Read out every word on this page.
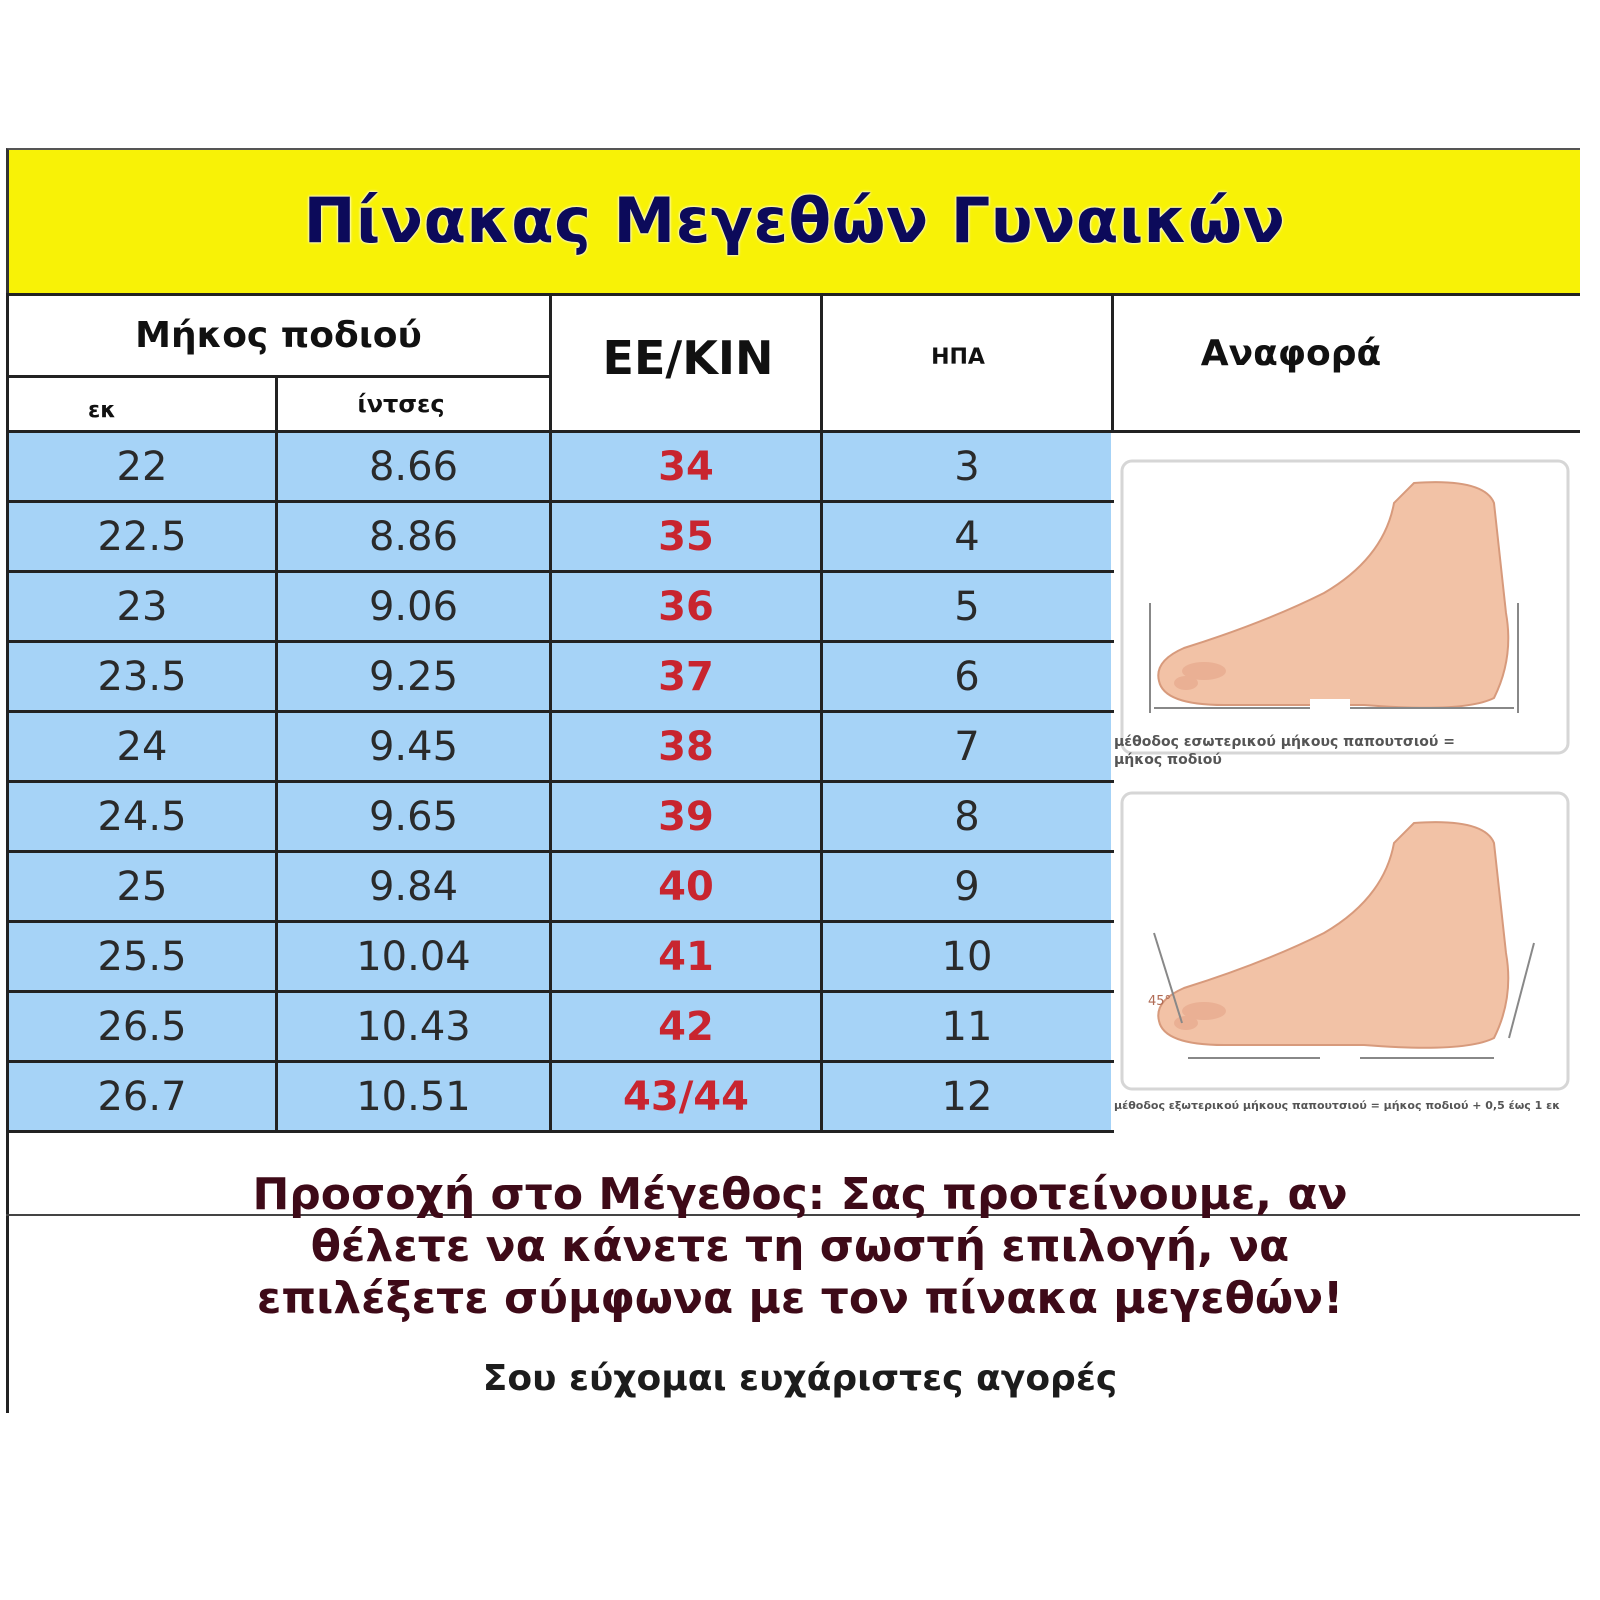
Πίνακας Μεγεθών Γυναικών
Μήκος ποδιού
εκ	ίντσες
ΕΕ/ΚΙΝ	ΗΠΑ	Αναφορά
22	8.66	34	3
22.5	8.86	35	4
23	9.06	36	5
23.5	9.25	37	6
24	9.45	38	7
24.5	9.65	39	8
25	9.84	40	9
25.5	10.04	41	10
26.5	10.43	42	11
26.7	10.51	43/44	12
μέθοδος εσωτερικού μήκους παπουτσιού = μήκος ποδιού
45°
μέθοδος εξωτερικού μήκους παπουτσιού = μήκος ποδιού + 0,5 έως 1 εκ
Προσοχή στο Μέγεθος: Σας προτείνουμε, αν
θέλετε να κάνετε τη σωστή επιλογή, να
επιλέξετε σύμφωνα με τον πίνακα μεγεθών!
Σου εύχομαι ευχάριστες αγορές
